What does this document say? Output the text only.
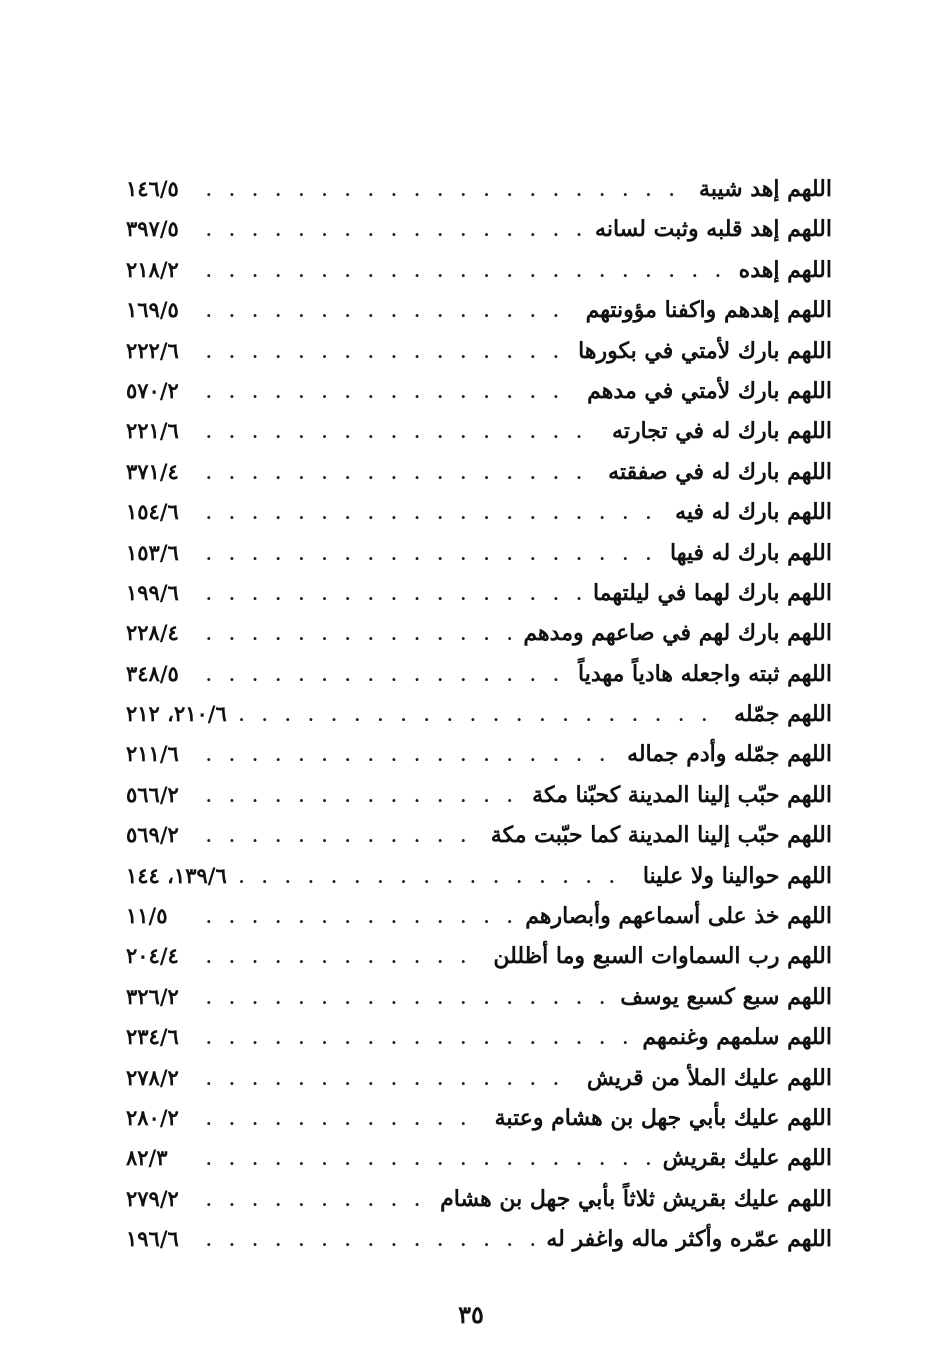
اللهم إهد شيبة
. . .
١٤٦/٥
اللهم إهد قلبه وثبت لسانه
. . .
٣٩٧/٥
اللهم إهده
. . .
٢١٨/٢
اللهم إهدهم واكفنا مؤونتهم
. . .
١٦٩/٥
اللهم بارك لأمتي في بكورها
. . .
٢٢٢/٦
اللهم بارك لأمتي في مدهم
. . .
٥٧٠/٢
اللهم بارك له في تجارته
. . .
٢٢١/٦
اللهم بارك له في صفقته
. . .
٣٧١/٤
اللهم بارك له فيه
. . .
١٥٤/٦
اللهم بارك له فيها
. . .
١٥٣/٦
اللهم بارك لهما في ليلتهما
. . .
١٩٩/٦
اللهم بارك لهم في صاعهم ومدهم
. . .
٢٢٨/٤
اللهم ثبته واجعله هادياً مهدياً
. . .
٣٤٨/٥
اللهم جمّله
. . .
٢١٠/٦، ٢١٢
اللهم جمّله وأدم جماله
. . .
٢١١/٦
اللهم حبّب إلينا المدينة كحبّنا مكة
. . .
٥٦٦/٢
اللهم حبّب إلينا المدينة كما حبّبت مكة
. . .
٥٦٩/٢
اللهم حوالينا ولا علينا
. . .
١٣٩/٦، ١٤٤
اللهم خذ على أسماعهم وأبصارهم
. . .
١١/٥
اللهم رب السماوات السبع وما أظللن
. . .
٢٠٤/٤
اللهم سبع كسبع يوسف
. . .
٣٢٦/٢
اللهم سلمهم وغنمهم
. . .
٢٣٤/٦
اللهم عليك الملأ من قريش
. . .
٢٧٨/٢
اللهم عليك بأبي جهل بن هشام وعتبة
. . .
٢٨٠/٢
اللهم عليك بقريش
. . .
٨٢/٣
اللهم عليك بقريش ثلاثاً بأبي جهل بن هشام
. . .
٢٧٩/٢
اللهم عمّره وأكثر ماله واغفر له
. . .
١٩٦/٦
٣٥
